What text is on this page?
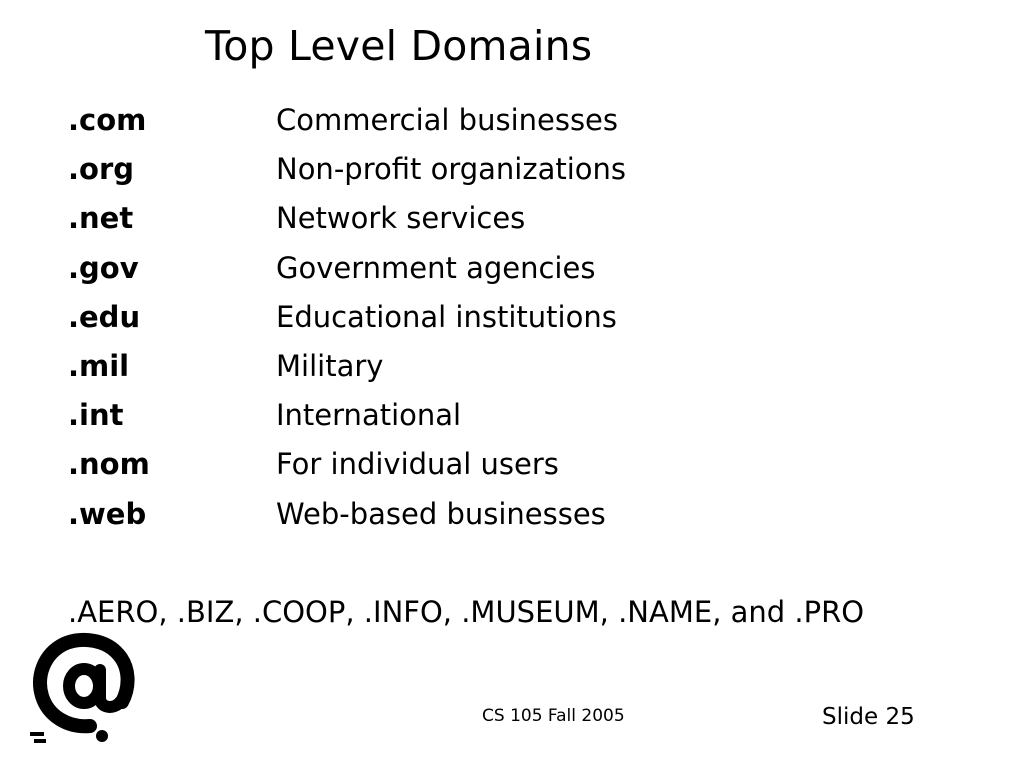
Top Level Domains
.com	Commercial businesses
.org	Non-profit organizations
.net	Network services
.gov	Government agencies
.edu	Educational institutions
.mil	Military
.int	International
.nom	For individual users
.web	Web-based businesses
.AERO, .BIZ, .COOP, .INFO, .MUSEUM, .NAME, and .PRO
CS 105 Fall 2005	Slide 25
